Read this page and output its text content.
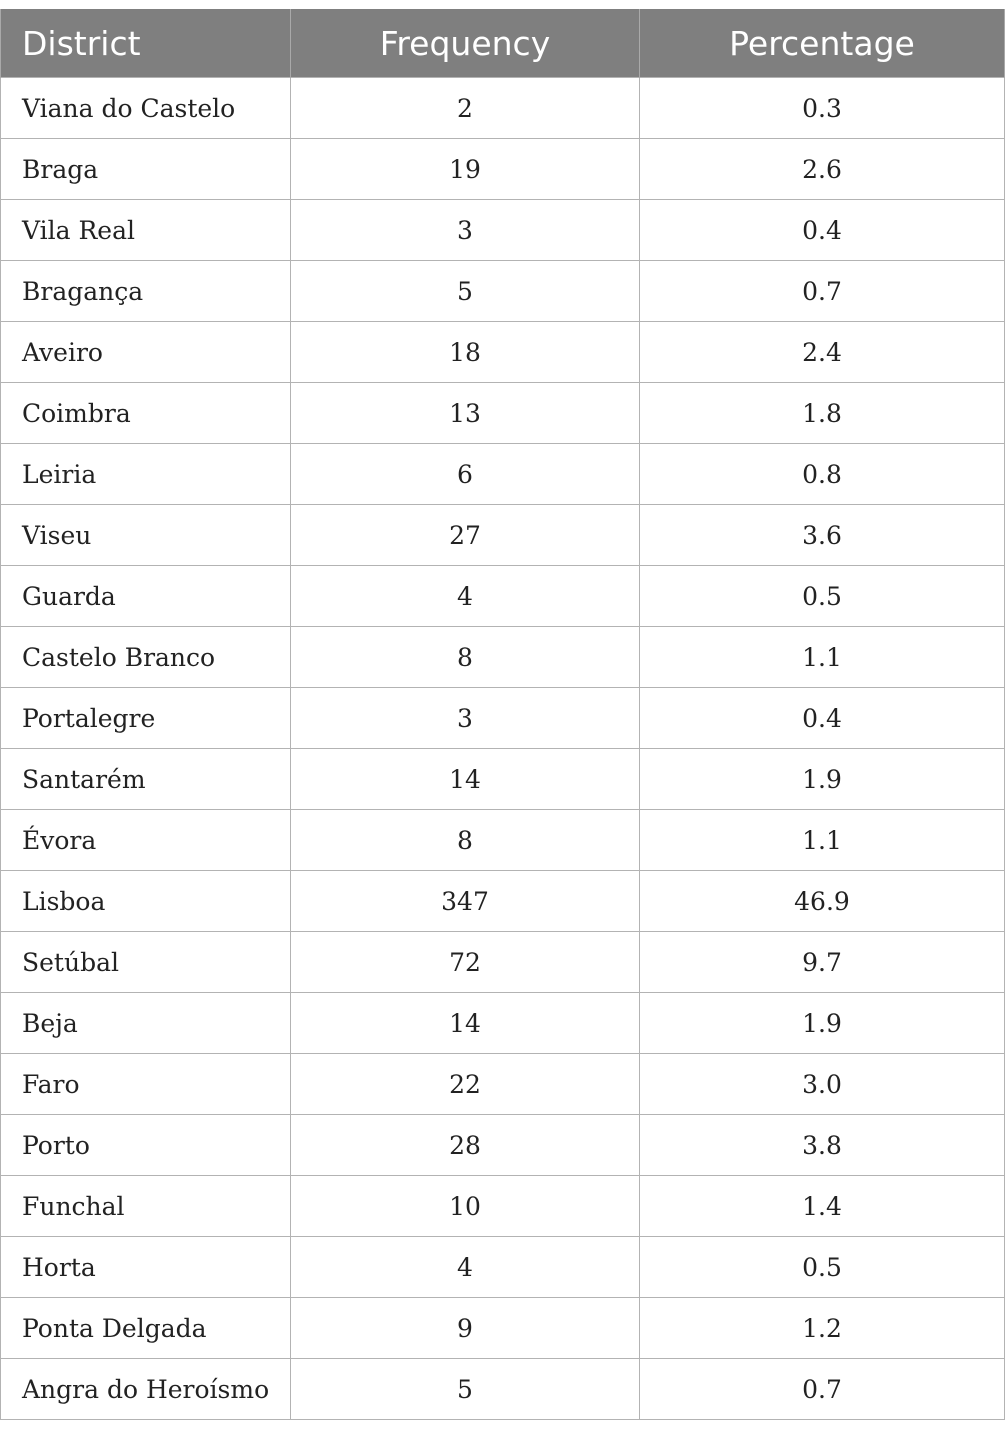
District	Frequency	Percentage
Viana do Castelo	2	0.3
Braga	19	2.6
Vila Real	3	0.4
Bragança	5	0.7
Aveiro	18	2.4
Coimbra	13	1.8
Leiria	6	0.8
Viseu	27	3.6
Guarda	4	0.5
Castelo Branco	8	1.1
Portalegre	3	0.4
Santarém	14	1.9
Évora	8	1.1
Lisboa	347	46.9
Setúbal	72	9.7
Beja	14	1.9
Faro	22	3.0
Porto	28	3.8
Funchal	10	1.4
Horta	4	0.5
Ponta Delgada	9	1.2
Angra do Heroísmo	5	0.7
